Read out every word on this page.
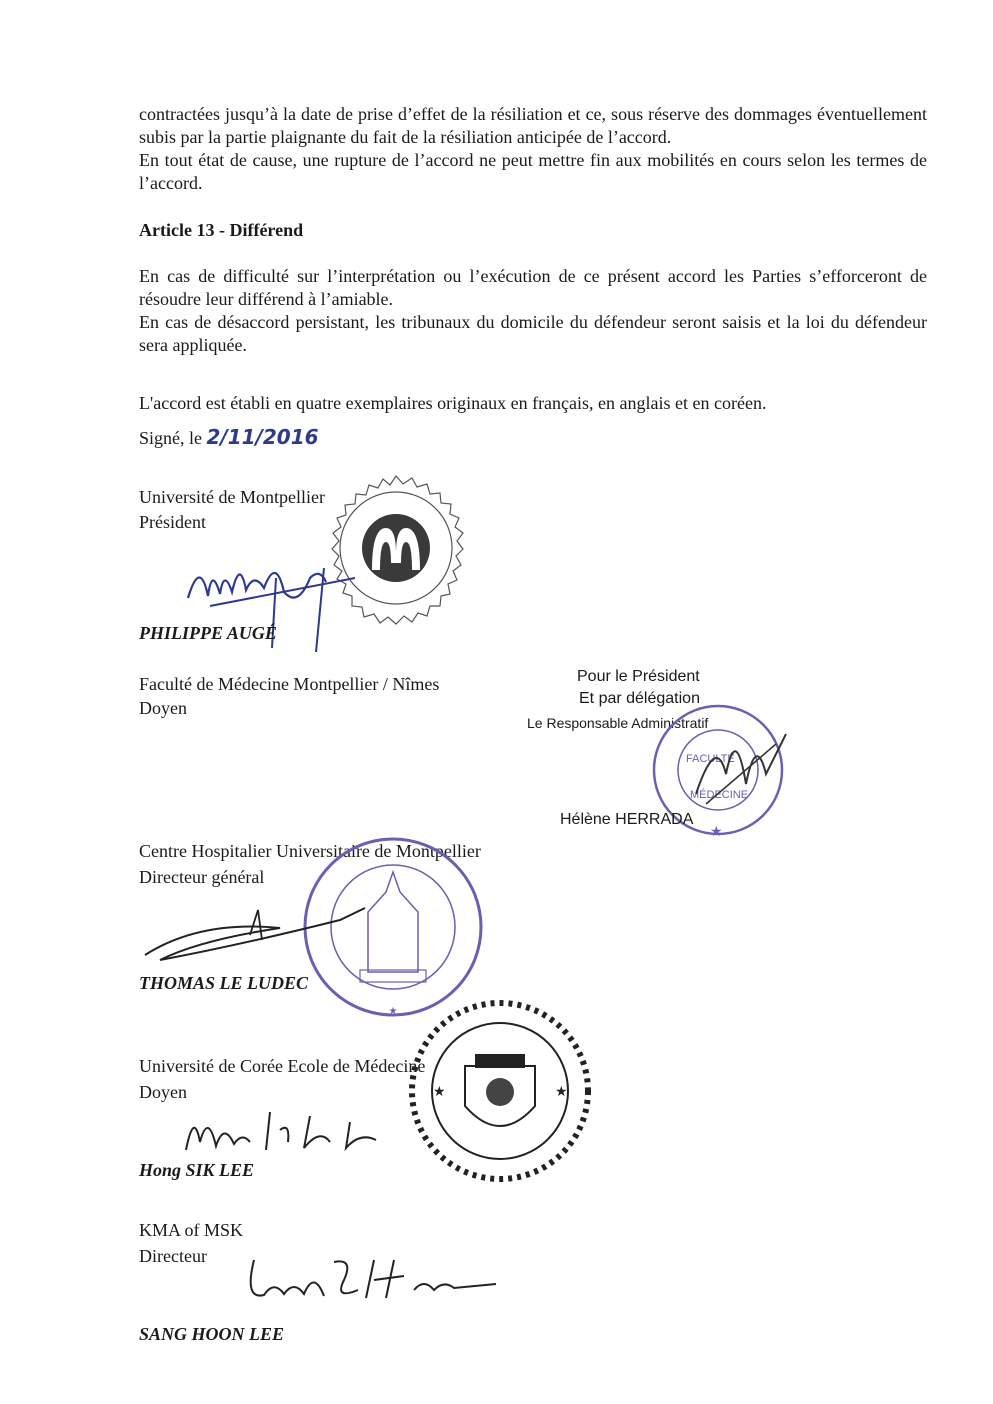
contractées jusqu’à la date de prise d’effet de la résiliation et ce, sous réserve des dommages éventuellement subis par la partie plaignante du fait de la résiliation anticipée de l’accord.

En tout état de cause, une rupture de l’accord ne peut mettre fin aux mobilités en cours selon les termes de l’accord.

Article 13 - Différend

En cas de difficulté sur l’interprétation ou l’exécution de ce présent accord les Parties s’efforceront de résoudre leur différend à l’amiable.

En cas de désaccord persistant, les tribunaux du domicile du défendeur seront saisis et la loi du défendeur sera appliquée.

L'accord est établi en quatre exemplaires originaux en français, en anglais et en coréen.

Signé, le 2/11/2016
Université de Montpellier
Président
PHILIPPE AUGÉ
Faculté de Médecine Montpellier / Nîmes
Doyen
Pour le Président
Et par délégation
Le Responsable Administratif
FACULTÉ
MÉDECINE
★
Hélène HERRADA
Centre Hospitalier Universitaire de Montpellier
Directeur général
★
THOMAS LE LUDEC
Université de Corée Ecole de Médecine
Doyen	★	★
Hong SIK LEE
KMA of MSK
Directeur
SANG HOON LEE
